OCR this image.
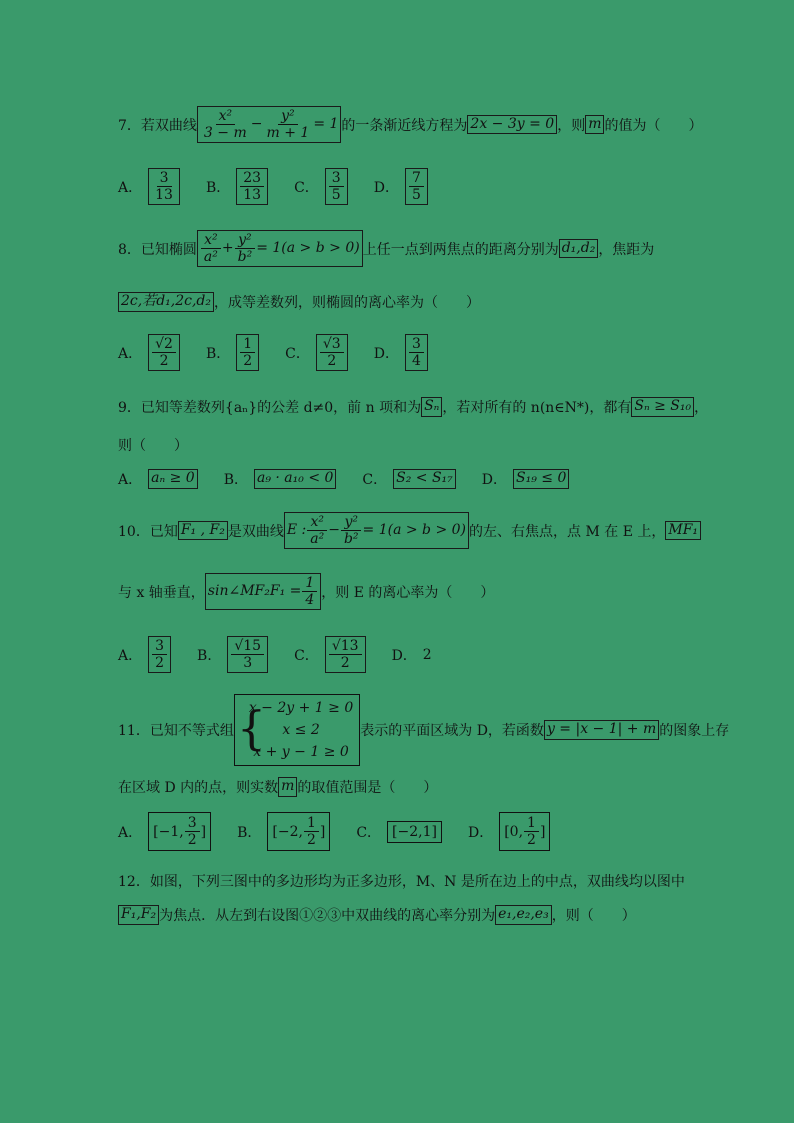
7．若双曲线 $\frac{\text{x²}}{3 - m} - \frac{\text{y²}}{m + 1} = 1$ 的一条渐近线方程为 2x − 3y = 0 ，则 m 的值为（　　）
A． $\frac{3}{13}$ B． $\frac{23}{13}$ C． $\frac{3}{5}$ D． $\frac{7}{5}$
8．已知椭圆 $\frac{\text{x²}}{\text{a²}} + \frac{\text{y²}}{\text{b²}} = 1(a > b > 0)$ 上任一点到两焦点的距离分别为 d₁,d₂ ，焦距为
2c,若d₁,2c,d₂ ，成等差数列，则椭圆的离心率为（　　）
A． $\frac{√2}{2}$ B． $\frac{1}{2}$ C． $\frac{√3}{2}$ D． $\frac{3}{4}$
9．已知等差数列{aₙ}的公差 d≠0，前 n 项和为 Sₙ ，若对所有的 n(n∈N*)，都有 Sₙ ≥ S₁₀ ，
则（　　）
A． aₙ ≥ 0 B． a₉ · a₁₀ < 0 C． S₂ < S₁₇ D． S₁₉ ≤ 0
10．已知 F₁ , F₂ 是双曲线 E : $\frac{\text{x²}}{\text{a²}} - \frac{\text{y²}}{\text{b²}} = 1(a > b > 0)$ 的左、右焦点，点 M 在 E 上， MF₁
与 x 轴垂直， sin∠MF₂F₁ = $\frac{1}{4}$ ，则 E 的离心率为（　　）
A． $\frac{3}{2}$ B． $\frac{√15}{3}$ C． $\frac{√13}{2}$ D． 2
11．已知不等式组
{ x − 2y + 1 ≥ 0
x ≤ 2
x + y − 1 ≥ 0
表示的平面区域为 D，若函数 y = |x − 1| + m 的图象上存
在区域 D 内的点，则实数 m 的取值范围是（　　）
A． [−1, $\frac{3}{2}$ ] B． [−2, $\frac{1}{2}$ ] C． [−2,1]	D． [0, $\frac{1}{2}$ ]
12．如图，下列三图中的多边形均为正多边形，M、N 是所在边上的中点，双曲线均以图中
F₁,F₂ 为焦点．从左到右设图①②③中双曲线的离心率分别为 e₁,e₂,e₃ ，则（　　）
